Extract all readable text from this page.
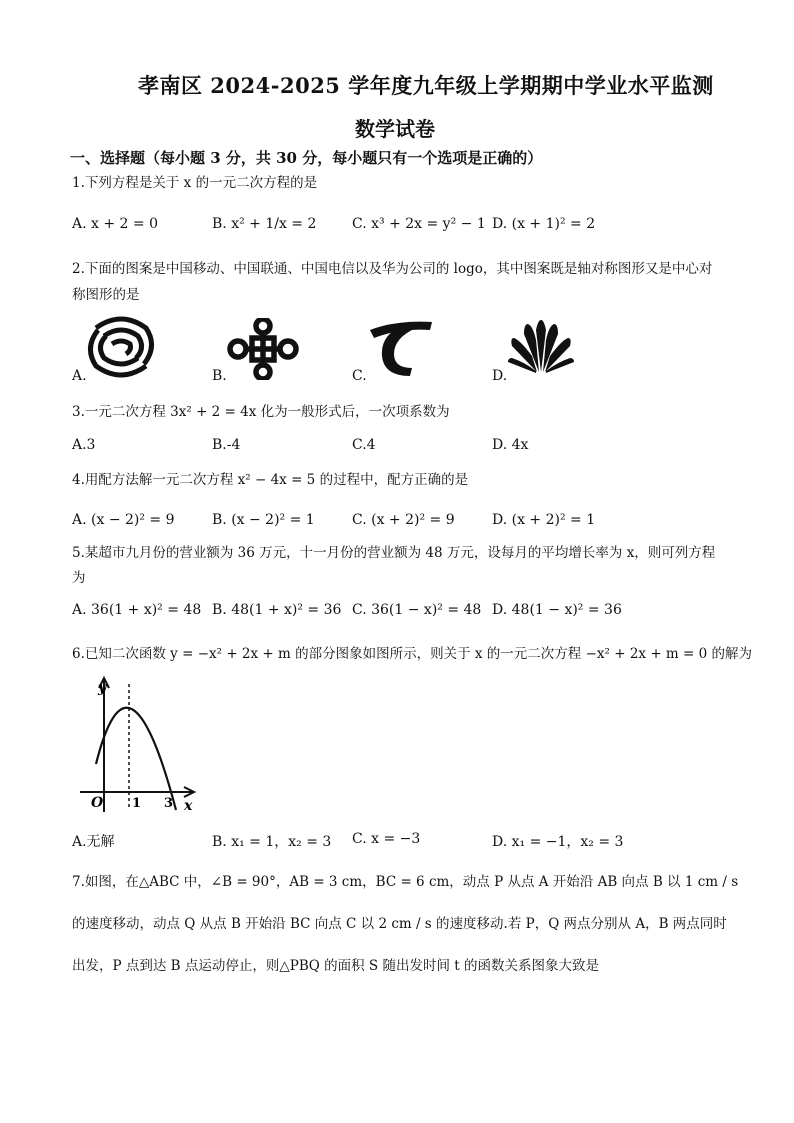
孝南区 2024-2025 学年度九年级上学期期中学业水平监测
数学试卷
一、选择题（每小题 3 分，共 30 分，每小题只有一个选项是正确的）
1.下列方程是关于 x 的一元二次方程的是
A. x + 2 = 0	B. x² + 1/x = 2	C. x³ + 2x = y² − 1 D. (x + 1)² = 2
2.下面的图案是中国移动、中国联通、中国电信以及华为公司的 logo，其中图案既是轴对称图形又是中心对
称图形的是
A.	B.	C.	D.
3.一元二次方程 3x² + 2 = 4x 化为一般形式后，一次项系数为
A.3	B.-4	C.4	D. 4x
4.用配方法解一元二次方程 x² − 4x = 5 的过程中，配方正确的是
A. (x − 2)² = 9	B. (x − 2)² = 1	C. (x + 2)² = 9	D. (x + 2)² = 1
5.某超市九月份的营业额为 36 万元，十一月份的营业额为 48 万元，设每月的平均增长率为 x，则可列方程
为
A. 36(1 + x)² = 48 B. 48(1 + x)² = 36 C. 36(1 − x)² = 48 D. 48(1 − x)² = 36
6.已知二次函数 y = −x² + 2x + m 的部分图象如图所示，则关于 x 的一元二次方程 −x² + 2x + m = 0 的解为
y
x
O 1 3
A.无解	B. x₁ = 1，x₂ = 3 C. x = −3	D. x₁ = −1，x₂ = 3
7.如图，在△ABC 中，∠B = 90°，AB = 3 cm，BC = 6 cm，动点 P 从点 A 开始沿 AB 向点 B 以 1 cm / s
的速度移动，动点 Q 从点 B 开始沿 BC 向点 C 以 2 cm / s 的速度移动.若 P，Q 两点分别从 A，B 两点同时
出发，P 点到达 B 点运动停止，则△PBQ 的面积 S 随出发时间 t 的函数关系图象大致是
